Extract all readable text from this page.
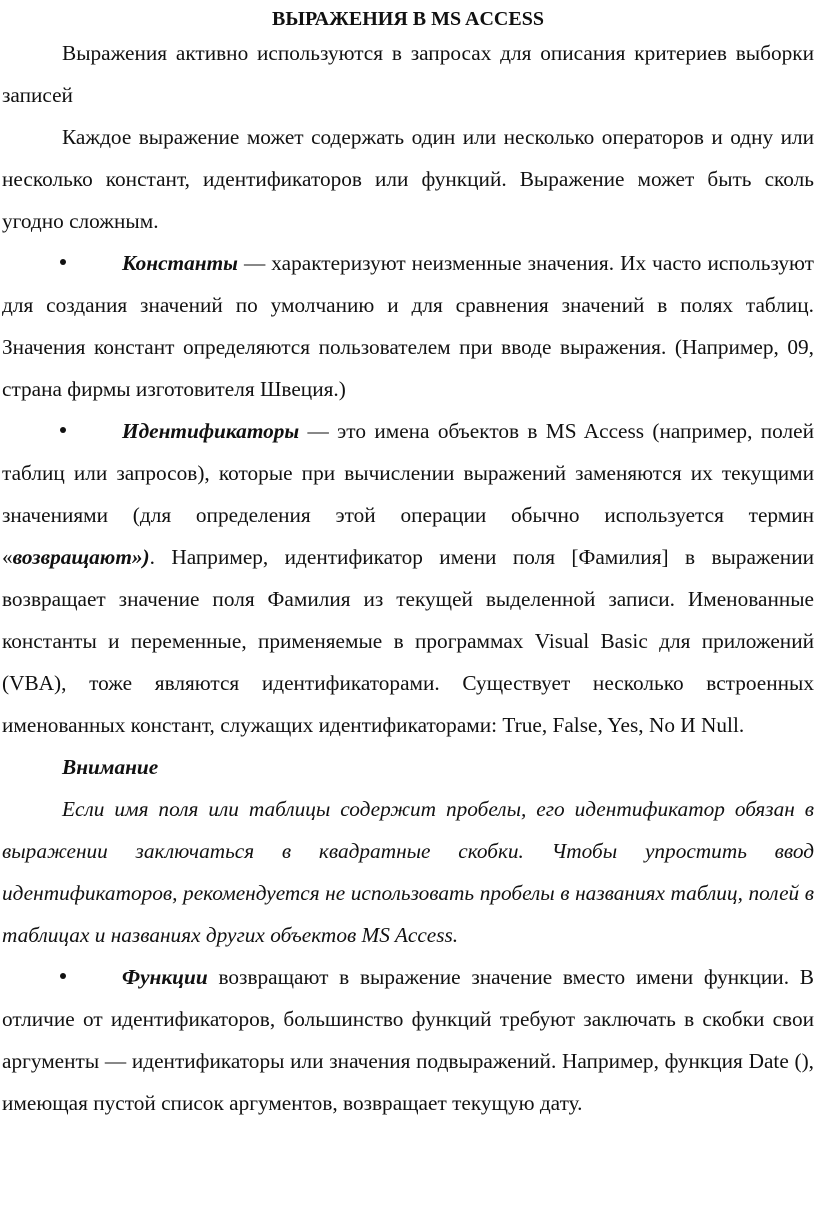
ВЫРАЖЕНИЯ В MS ACCESS

Выражения активно используются в запросах для описания критериев выборки записей

Каждое выражение может содержать один или несколько операторов и одну или несколько констант, идентификаторов или функций. Выражение может быть сколь угодно сложным.

Константы — характеризуют неизменные значения. Их часто используют для создания значений по умолчанию и для сравнения значений в полях таблиц. Значения констант определяются пользователем при вводе выражения. (Например, 09, страна фирмы изготовителя Швеция.)

Идентификаторы — это имена объектов в MS Access (например, полей таблиц или запросов), которые при вычислении выражений заменяются их текущими значениями (для определения этой операции обычно используется термин «возвращают»). Например, идентификатор имени поля [Фамилия] в выражении возвращает значение поля Фамилия из текущей выделенной записи. Именованные константы и переменные, применяемые в программах Visual Basic для приложений (VBA), тоже являются идентификаторами. Существует несколько встроенных именованных констант, служащих идентификаторами: True, False, Yes, No И Null.

Внимание

Если имя поля или таблицы содержит пробелы, его идентификатор обязан в выражении заключаться в квадратные скобки. Чтобы упростить ввод идентификаторов, рекомендуется не использовать пробелы в названиях таблиц, полей в таблицах и названиях других объектов MS Access.

Функции возвращают в выражение значение вместо имени функции. В отличие от идентификаторов, большинство функций требуют заключать в скобки свои аргументы — идентификаторы или значения подвыражений. Например, функция Date (), имеющая пустой список аргументов, возвращает текущую дату.
